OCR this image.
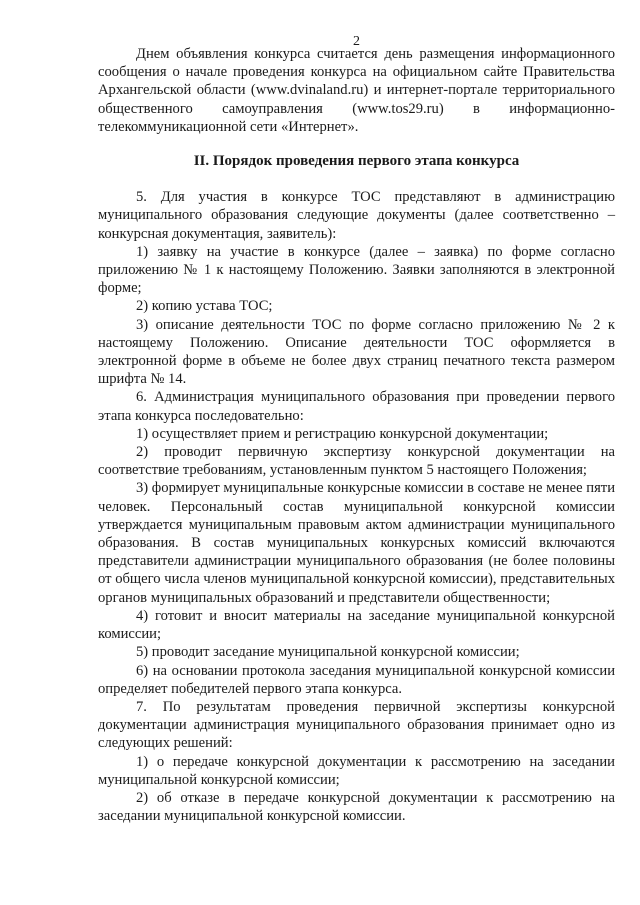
2

Днем объявления конкурса считается день размещения информационного сообщения о начале проведения конкурса на официальном сайте Правительства Архангельской области (www.dvinaland.ru) и интернет-портале территориального общественного самоуправления (www.tos29.ru) в информационно-телекоммуникационной сети «Интернет».

II. Порядок проведения первого этапа конкурса

5. Для участия в конкурсе ТОС представляют в администрацию муниципального образования следующие документы (далее соответственно – конкурсная документация, заявитель):

1) заявку на участие в конкурсе (далее – заявка) по форме согласно приложению № 1 к настоящему Положению. Заявки заполняются в электронной форме;

2) копию устава ТОС;

3) описание деятельности ТОС по форме согласно приложению № 2 к настоящему Положению. Описание деятельности ТОС оформляется в электронной форме в объеме не более двух страниц печатного текста размером шрифта № 14.

6. Администрация муниципального образования при проведении первого этапа конкурса последовательно:

1) осуществляет прием и регистрацию конкурсной документации;

2) проводит первичную экспертизу конкурсной документации на соответствие требованиям, установленным пунктом 5 настоящего Положения;

3) формирует муниципальные конкурсные комиссии в составе не менее пяти человек. Персональный состав муниципальной конкурсной комиссии утверждается муниципальным правовым актом администрации муниципального образования. В состав муниципальных конкурсных комиссий включаются представители администрации муниципального образования (не более половины от общего числа членов муниципальной конкурсной комиссии), представительных органов муниципальных образований и представители общественности;

4) готовит и вносит материалы на заседание муниципальной конкурсной комиссии;

5) проводит заседание муниципальной конкурсной комиссии;

6) на основании протокола заседания муниципальной конкурсной комиссии определяет победителей первого этапа конкурса.

7. По результатам проведения первичной экспертизы конкурсной документации администрация муниципального образования принимает одно из следующих решений:

1) о передаче конкурсной документации к рассмотрению на заседании муниципальной конкурсной комиссии;

2) об отказе в передаче конкурсной документации к рассмотрению на заседании муниципальной конкурсной комиссии.
